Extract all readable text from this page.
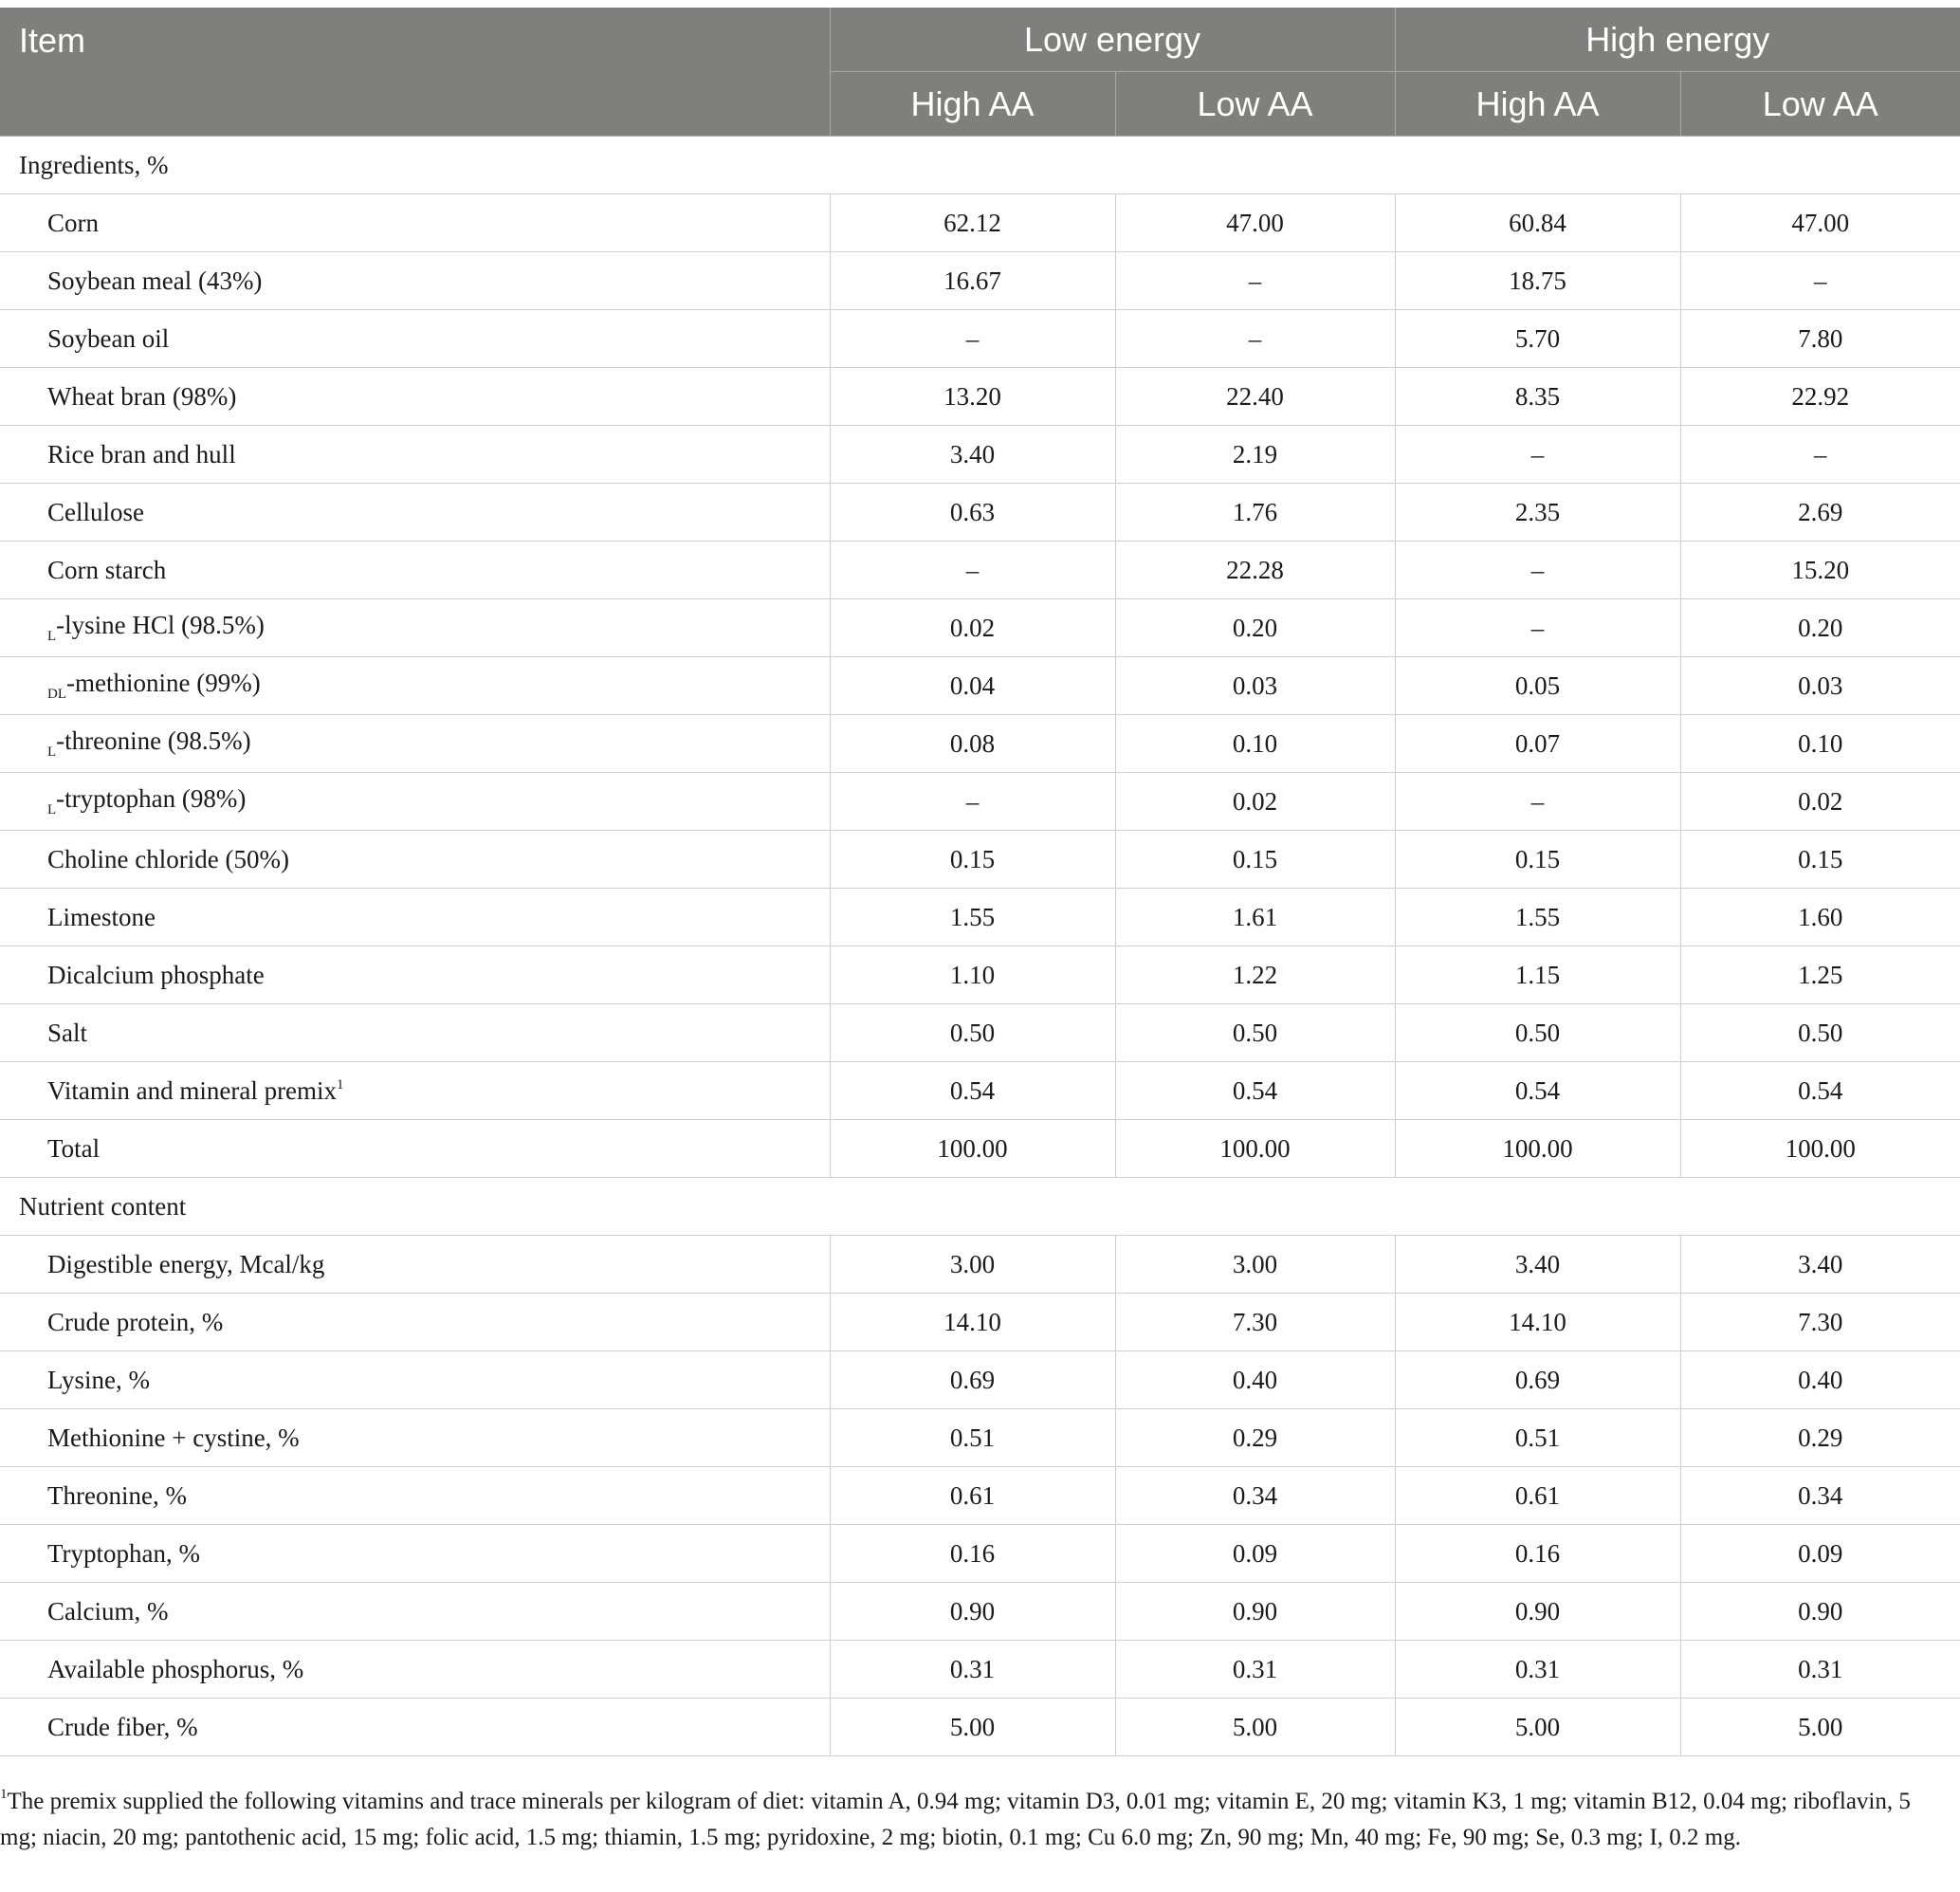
Item	Low energy		High energy	
	High AA	Low AA	High AA	Low AA
Ingredients, %				
Corn	62.12	47.00	60.84	47.00
Soybean meal (43%)	16.67	–	18.75	–
Soybean oil	–	–	5.70	7.80
Wheat bran (98%)	13.20	22.40	8.35	22.92
Rice bran and hull	3.40	2.19	–	–
Cellulose	0.63	1.76	2.35	2.69
Corn starch	–	22.28	–	15.20
$_L$-lysine HCl (98.5%)	0.02	0.20	–	0.20
$_{DL}$-methionine (99%)	0.04	0.03	0.05	0.03
$_L$-threonine (98.5%)	0.08	0.10	0.07	0.10
$_L$-tryptophan (98%)	–	0.02	–	0.02
Choline chloride (50%)	0.15	0.15	0.15	0.15
Limestone	1.55	1.61	1.55	1.60
Dicalcium phosphate	1.10	1.22	1.15	1.25
Salt	0.50	0.50	0.50	0.50
Vitamin and mineral premix$^1$	0.54	0.54	0.54	0.54
Total	100.00	100.00	100.00	100.00
Nutrient content				
Digestible energy, Mcal/kg	3.00	3.00	3.40	3.40
Crude protein, %	14.10	7.30	14.10	7.30
Lysine, %	0.69	0.40	0.69	0.40
Methionine + cystine, %	0.51	0.29	0.51	0.29
Threonine, %	0.61	0.34	0.61	0.34
Tryptophan, %	0.16	0.09	0.16	0.09
Calcium, %	0.90	0.90	0.90	0.90
Available phosphorus, %	0.31	0.31	0.31	0.31
Crude fiber, %	5.00	5.00	5.00	5.00
$^1$The premix supplied the following vitamins and trace minerals per kilogram of diet: vitamin A, 0.94 mg; vitamin D3, 0.01 mg; vitamin E, 20 mg; vitamin K3, 1 mg; vitamin B12, 0.04 mg; riboflavin, 5 mg; niacin, 20 mg; pantothenic acid, 15 mg; folic acid, 1.5 mg; thiamin, 1.5 mg; pyridoxine, 2 mg; biotin, 0.1 mg; Cu 6.0 mg; Zn, 90 mg; Mn, 40 mg; Fe, 90 mg; Se, 0.3 mg; I, 0.2 mg.
